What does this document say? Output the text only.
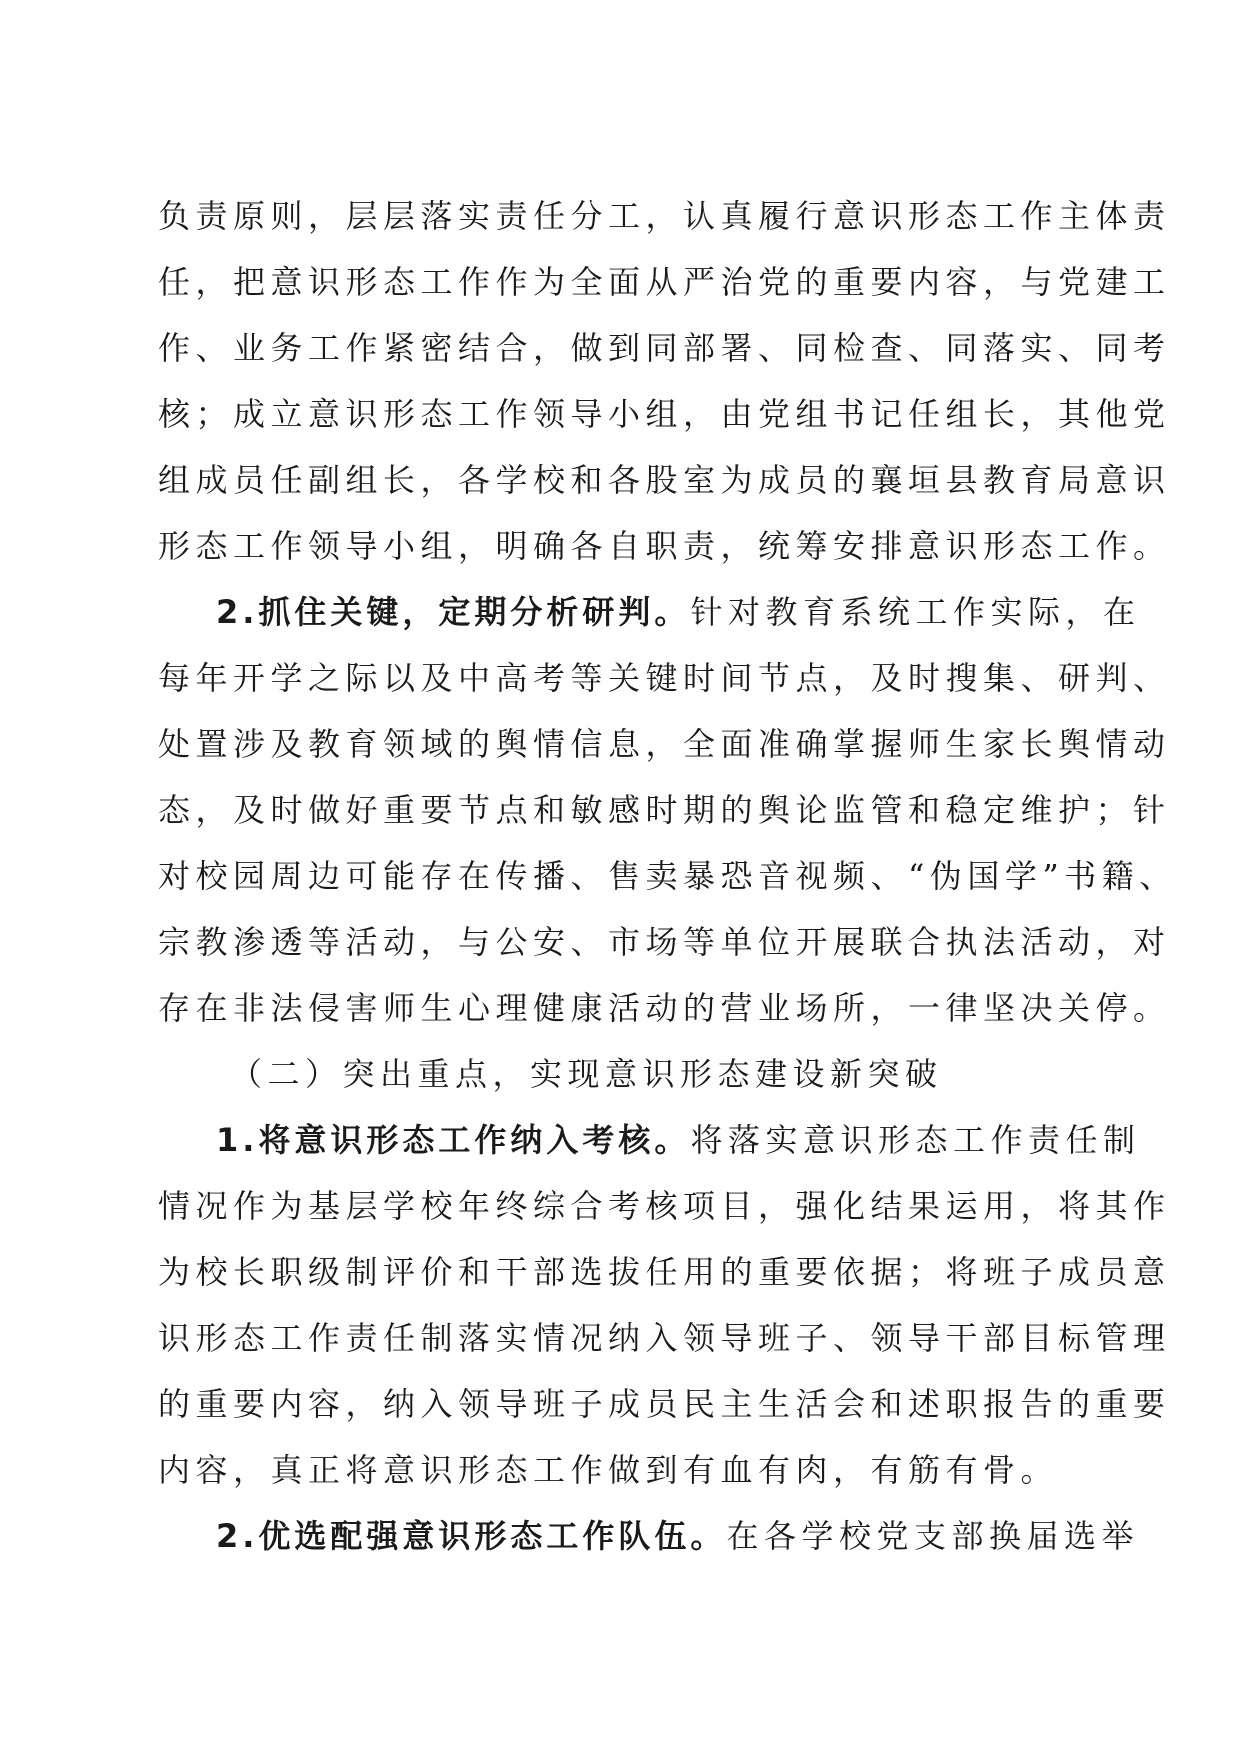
负责原则，层层落实责任分工，认真履行意识形态工作主体责
任，把意识形态工作作为全面从严治党的重要内容，与党建工
作、业务工作紧密结合，做到同部署、同检查、同落实、同考
核；成立意识形态工作领导小组，由党组书记任组长，其他党
组成员任副组长，各学校和各股室为成员的襄垣县教育局意识
形态工作领导小组，明确各自职责，统筹安排意识形态工作。
2.抓住关键，定期分析研判。针对教育系统工作实际，在
每年开学之际以及中高考等关键时间节点，及时搜集、研判、
处置涉及教育领域的舆情信息，全面准确掌握师生家长舆情动
态，及时做好重要节点和敏感时期的舆论监管和稳定维护；针
对校园周边可能存在传播、售卖暴恐音视频、“伪国学”书籍、
宗教渗透等活动，与公安、市场等单位开展联合执法活动，对
存在非法侵害师生心理健康活动的营业场所，一律坚决关停。
（二）突出重点，实现意识形态建设新突破
1.将意识形态工作纳入考核。将落实意识形态工作责任制
情况作为基层学校年终综合考核项目，强化结果运用，将其作
为校长职级制评价和干部选拔任用的重要依据；将班子成员意
识形态工作责任制落实情况纳入领导班子、领导干部目标管理
的重要内容，纳入领导班子成员民主生活会和述职报告的重要
内容，真正将意识形态工作做到有血有肉，有筋有骨。
2.优选配强意识形态工作队伍。在各学校党支部换届选举
